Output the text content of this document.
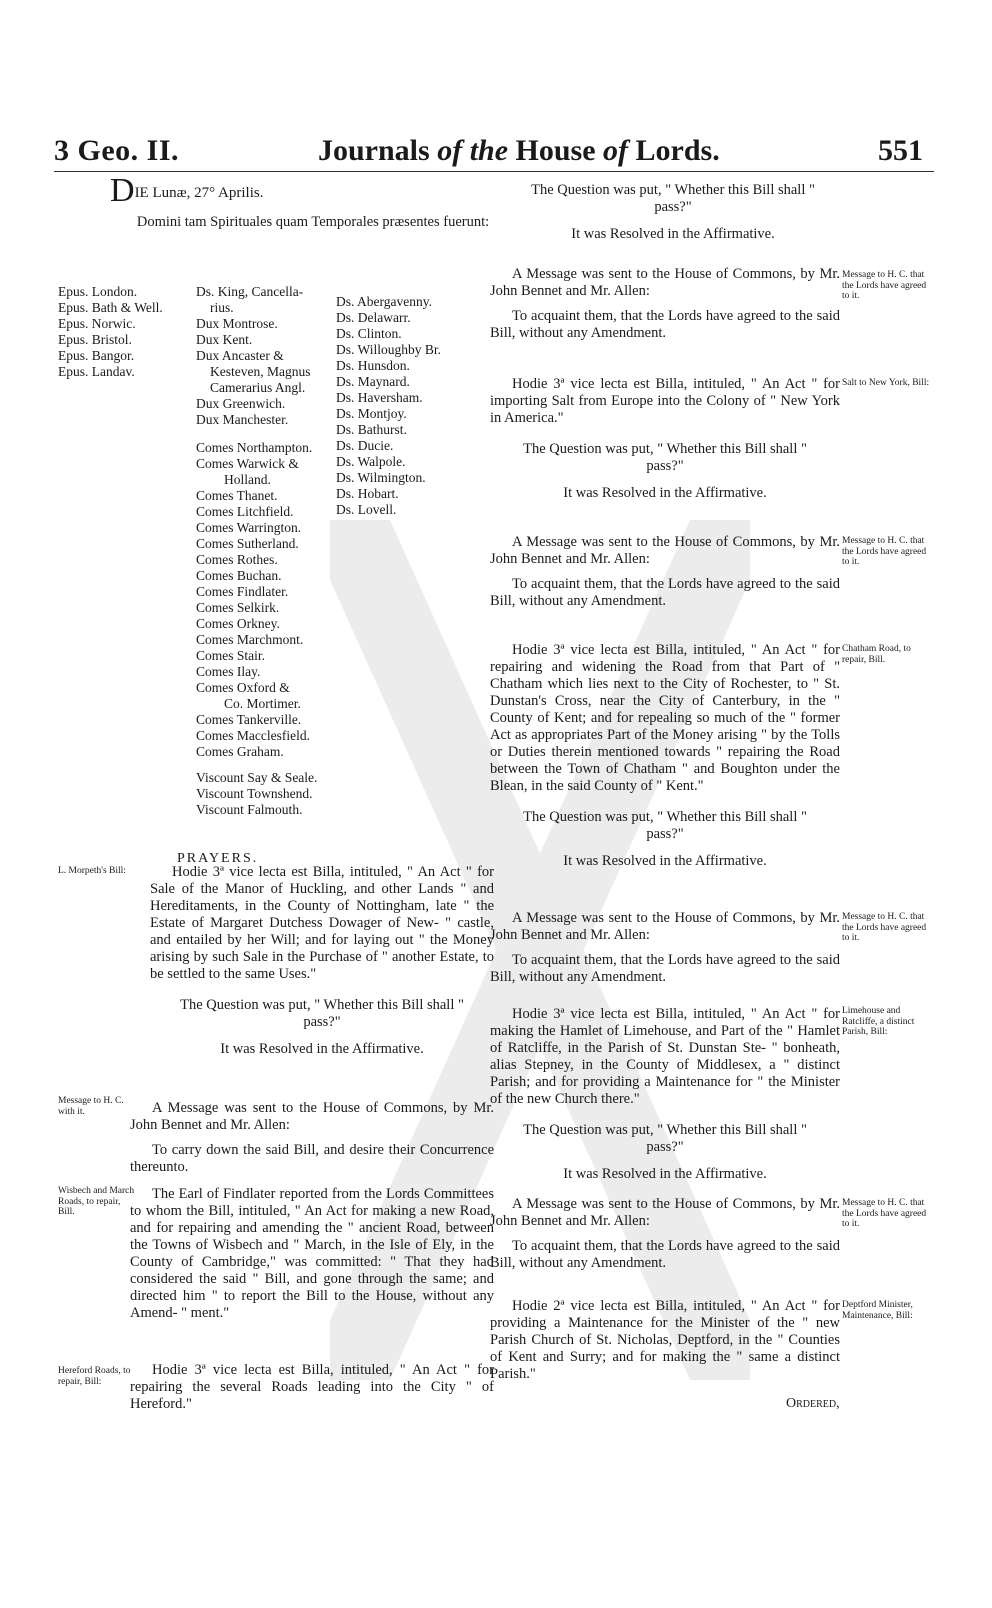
3 Geo. II.	Journals of the House of Lords.	551

DIE Lunæ, 27° Aprilis.

Domini tam Spirituales quam Temporales præsentes fuerunt:

Epus. London.
Epus. Bath & Well.
Epus. Norwic.
Epus. Bristol.
Epus. Bangor.
Epus. Landav.
Ds. King, Cancella-
rius.
Dux Montrose.
Dux Kent.
Dux Ancaster &
Kesteven, Magnus
Camerarius Angl.
Dux Greenwich.
Dux Manchester.
Comes Northampton.
Comes Warwick &
Holland.
Comes Thanet.
Comes Litchfield.
Comes Warrington.
Comes Sutherland.
Comes Rothes.
Comes Buchan.
Comes Findlater.
Comes Selkirk.
Comes Orkney.
Comes Marchmont.
Comes Stair.
Comes Ilay.
Comes Oxford &
Co. Mortimer.
Comes Tankerville.
Comes Macclesfield.
Comes Graham.
Viscount Say & Seale.
Viscount Townshend.
Viscount Falmouth.
Ds. Abergavenny.
Ds. Delawarr.
Ds. Clinton.
Ds. Willoughby Br.
Ds. Hunsdon.
Ds. Maynard.
Ds. Haversham.
Ds. Montjoy.
Ds. Bathurst.
Ds. Ducie.
Ds. Walpole.
Ds. Wilmington.
Ds. Hobart.
Ds. Lovell.
PRAYERS.
L. Morpeth's Bill:	Hodie 3ª vice lecta est Billa, intituled, " An Act " for Sale of the Manor of Huckling, and other Lands " and Hereditaments, in the County of Nottingham, late " the Estate of Margaret Dutchess Dowager of New- " castle, and entailed by her Will; and for laying out " the Money arising by such Sale in the Purchase of " another Estate, to be settled to the same Uses."

The Question was put, " Whether this Bill shall " pass?"

It was Resolved in the Affirmative.

Message to H. C. with it.	A Message was sent to the House of Commons, by Mr. John Bennet and Mr. Allen:

To carry down the said Bill, and desire their Concurrence thereunto.

Wisbech and March Roads, to repair, Bill.

The Earl of Findlater reported from the Lords Committees to whom the Bill, intituled, " An Act for making a new Road, and for repairing and amending the " ancient Road, between the Towns of Wisbech and " March, in the Isle of Ely, in the County of Cambridge," was committed: " That they had considered the said " Bill, and gone through the same; and directed him " to report the Bill to the House, without any Amend- " ment."

Hereford Roads, to repair, Bill:

Hodie 3ª vice lecta est Billa, intituled, " An Act " for repairing the several Roads leading into the City " of Hereford."

The Question was put, " Whether this Bill shall " pass?"

It was Resolved in the Affirmative.

Message to H. C. that the Lords have agreed to it.

A Message was sent to the House of Commons, by Mr. John Bennet and Mr. Allen:

To acquaint them, that the Lords have agreed to the said Bill, without any Amendment.

Salt to New York, Bill:

Hodie 3ª vice lecta est Billa, intituled, " An Act " for importing Salt from Europe into the Colony of " New York in America."

The Question was put, " Whether this Bill shall " pass?"

It was Resolved in the Affirmative.

Message to H. C. that the Lords have agreed to it.

A Message was sent to the House of Commons, by Mr. John Bennet and Mr. Allen:

To acquaint them, that the Lords have agreed to the said Bill, without any Amendment.

Chatham Road, to repair, Bill.

Hodie 3ª vice lecta est Billa, intituled, " An Act " for repairing and widening the Road from that Part of " Chatham which lies next to the City of Rochester, to " St. Dunstan's Cross, near the City of Canterbury, in the " County of Kent; and for repealing so much of the " former Act as appropriates Part of the Money arising " by the Tolls or Duties therein mentioned towards " repairing the Road between the Town of Chatham " and Boughton under the Blean, in the said County of " Kent."

The Question was put, " Whether this Bill shall " pass?"

It was Resolved in the Affirmative.

Message to H. C. that the Lords have agreed to it.

A Message was sent to the House of Commons, by Mr. John Bennet and Mr. Allen:

To acquaint them, that the Lords have agreed to the said Bill, without any Amendment.

Limehouse and Ratcliffe, a distinct Parish, Bill:

Hodie 3ª vice lecta est Billa, intituled, " An Act " for making the Hamlet of Limehouse, and Part of the " Hamlet of Ratcliffe, in the Parish of St. Dunstan Ste- " bonheath, alias Stepney, in the County of Middlesex, a " distinct Parish; and for providing a Maintenance for " the Minister of the new Church there."

The Question was put, " Whether this Bill shall " pass?"

It was Resolved in the Affirmative.

Message to H. C. that the Lords have agreed to it.

A Message was sent to the House of Commons, by Mr. John Bennet and Mr. Allen:

To acquaint them, that the Lords have agreed to the said Bill, without any Amendment.

Deptford Minister, Maintenance, Bill:

Hodie 2ª vice lecta est Billa, intituled, " An Act " for providing a Maintenance for the Minister of the " new Parish Church of St. Nicholas, Deptford, in the " Counties of Kent and Surry; and for making the " same a distinct Parish."

Ordered,
